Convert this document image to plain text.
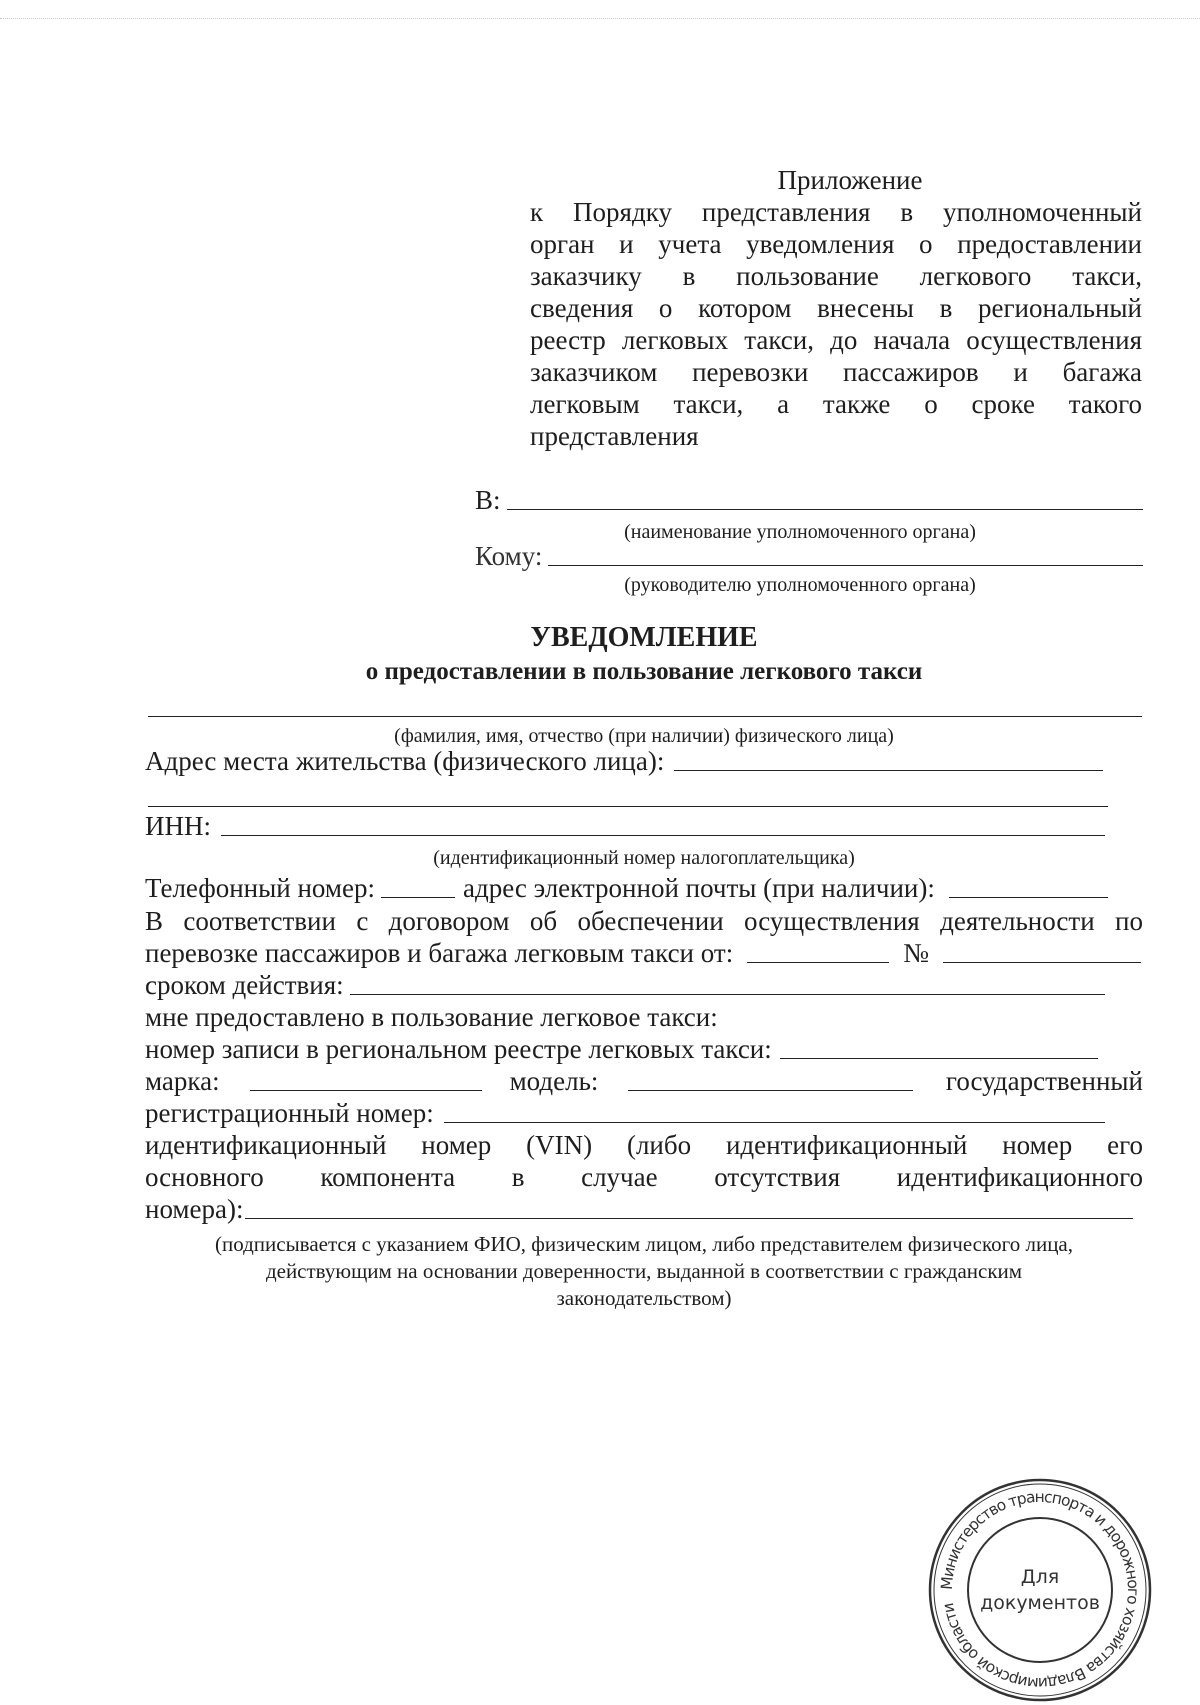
Приложение
к Порядку представления в уполномоченный
орган и учета уведомления о предоставлении
заказчику в пользование легкового такси,
сведения о котором внесены в региональный
реестр легковых такси, до начала осуществления
заказчиком перевозки пассажиров и багажа
легковым такси, а также о сроке такого
представления
В:
(наименование уполномоченного органа)
Кому:
(руководителю уполномоченного органа)
УВЕДОМЛЕНИЕ
о предоставлении в пользование легкового такси
(фамилия, имя, отчество (при наличии) физического лица)
Адрес места жительства (физического лица):
ИНН:
(идентификационный номер налогоплательщика)
Телефонный номер:	адрес электронной почты (при наличии):
В соответствии с договором об обеспечении осуществления деятельности по
перевозке пассажиров и багажа легковым такси от:	№
сроком действия:
мне предоставлено в пользование легковое такси:
номер записи в региональном реестре легковых такси:
марка:	модель:	государственный
регистрационный номер:
идентификационный номер (VIN) (либо идентификационный номер его
основного компонента в случае отсутствия идентификационного
номера):
(подписывается с указанием ФИО, физическим лицом, либо представителем физического лица,
действующим на основании доверенности, выданной в соответствии с гражданским
законодательством)
Министерство транспорта и дорожного хозяйства Владимирской области
Для
документов
